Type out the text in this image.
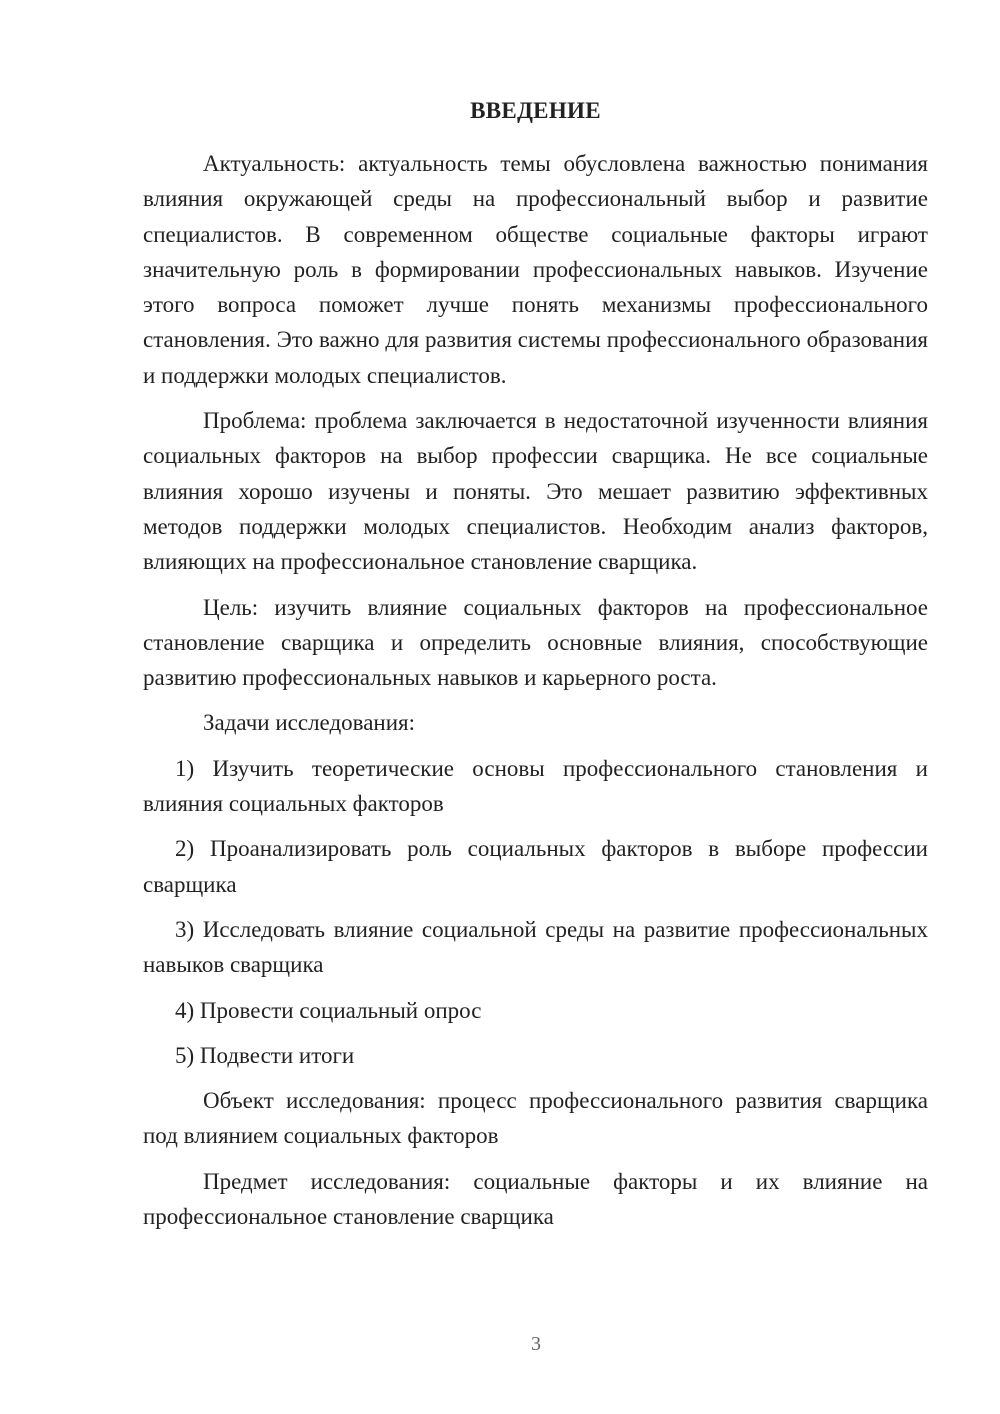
ВВЕДЕНИЕ

Актуальность: актуальность темы обусловлена важностью понимания влияния окружающей среды на профессиональный выбор и развитие специалистов. В современном обществе социальные факторы играют значительную роль в формировании профессиональных навыков. Изучение этого вопроса поможет лучше понять механизмы профессионального становления. Это важно для развития системы профессионального образования и поддержки молодых специалистов.

Проблема: проблема заключается в недостаточной изученности влияния социальных факторов на выбор профессии сварщика. Не все социальные влияния хорошо изучены и поняты. Это мешает развитию эффективных методов поддержки молодых специалистов. Необходим анализ факторов, влияющих на профессиональное становление сварщика.

Цель: изучить влияние социальных факторов на профессиональное становление сварщика и определить основные влияния, способствующие развитию профессиональных навыков и карьерного роста.

Задачи исследования:

1) Изучить теоретические основы профессионального становления и влияния социальных факторов

2) Проанализировать роль социальных факторов в выборе профессии сварщика

3) Исследовать влияние социальной среды на развитие профессиональных навыков сварщика

4) Провести социальный опрос

5) Подвести итоги

Объект исследования: процесс профессионального развития сварщика под влиянием социальных факторов

Предмет исследования: социальные факторы и их влияние на профессиональное становление сварщика

3
